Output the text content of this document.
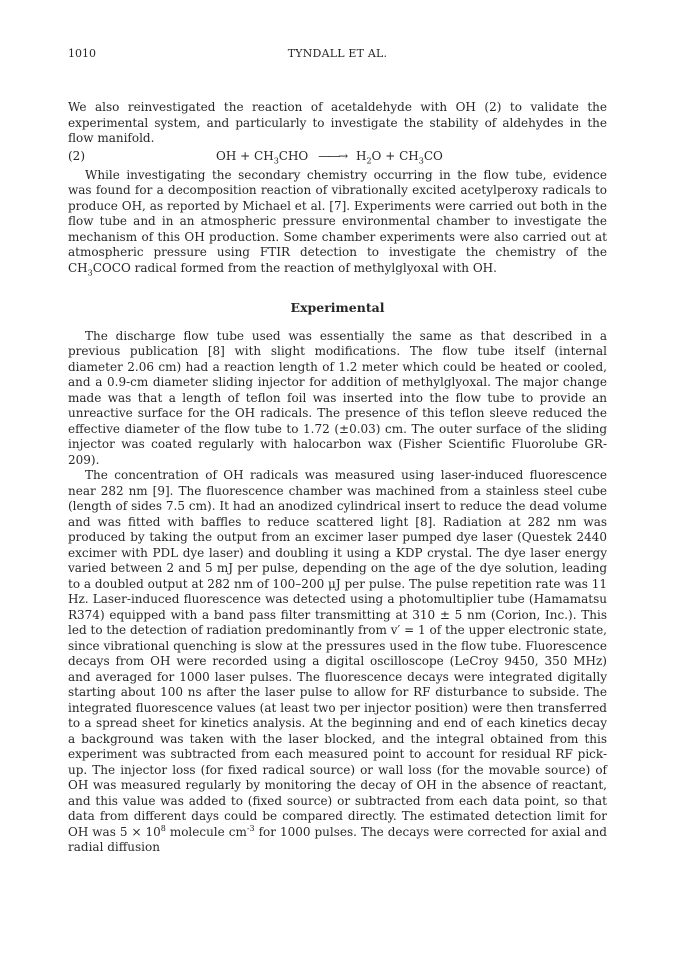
1010	TYNDALL ET AL.

We also reinvestigated the reaction of acetaldehyde with OH (2) to validate the experimental system, and particularly to investigate the stability of aldehydes in the flow manifold.

(2)	OH + $CH_3CHO$ ——→ $H_2O + CH_3CO$

While investigating the secondary chemistry occurring in the flow tube, evidence was found for a decomposition reaction of vibrationally excited acetylperoxy radicals to produce OH, as reported by Michael et al. [7]. Experiments were carried out both in the flow tube and in an atmospheric pressure environmental chamber to investigate the mechanism of this OH production. Some chamber experiments were also carried out at atmospheric pressure using FTIR detection to investigate the chemistry of the $CH_3COCO$ radical formed from the reaction of methylglyoxal with OH.

Experimental

The discharge flow tube used was essentially the same as that described in a previous publication [8] with slight modifications. The flow tube itself (internal diameter 2.06 cm) had a reaction length of 1.2 meter which could be heated or cooled, and a 0.9-cm diameter sliding injector for addition of methylglyoxal. The major change made was that a length of teflon foil was inserted into the flow tube to provide an unreactive surface for the OH radicals. The presence of this teflon sleeve reduced the effective diameter of the flow tube to 1.72 (±0.03) cm. The outer surface of the sliding injector was coated regularly with halocarbon wax (Fisher Scientific Fluorolube GR-209).

The concentration of OH radicals was measured using laser-induced fluorescence near 282 nm [9]. The fluorescence chamber was machined from a stainless steel cube (length of sides 7.5 cm). It had an anodized cylindrical insert to reduce the dead volume and was fitted with baffles to reduce scattered light [8]. Radiation at 282 nm was produced by taking the output from an excimer laser pumped dye laser (Questek 2440 excimer with PDL dye laser) and doubling it using a KDP crystal. The dye laser energy varied between 2 and 5 mJ per pulse, depending on the age of the dye solution, leading to a doubled output at 282 nm of 100–200 μJ per pulse. The pulse repetition rate was 11 Hz. Laser-induced fluorescence was detected using a photomultiplier tube (Hamamatsu R374) equipped with a band pass filter transmitting at 310 ± 5 nm (Corion, Inc.). This led to the detection of radiation predominantly from v′ = 1 of the upper electronic state, since vibrational quenching is slow at the pressures used in the flow tube. Fluorescence decays from OH were recorded using a digital oscilloscope (LeCroy 9450, 350 MHz) and averaged for 1000 laser pulses. The fluorescence decays were integrated digitally starting about 100 ns after the laser pulse to allow for RF disturbance to subside. The integrated fluorescence values (at least two per injector position) were then transferred to a spread sheet for kinetics analysis. At the beginning and end of each kinetics decay a background was taken with the laser blocked, and the integral obtained from this experiment was subtracted from each measured point to account for residual RF pick-up. The injector loss (for fixed radical source) or wall loss (for the movable source) of OH was measured regularly by monitoring the decay of OH in the absence of reactant, and this value was added to (fixed source) or subtracted from each data point, so that data from different days could be compared directly. The estimated detection limit for OH was $5 \times 10^8$ molecule $cm^{-3}$ for 1000 pulses. The decays were corrected for axial and radial diffusion
